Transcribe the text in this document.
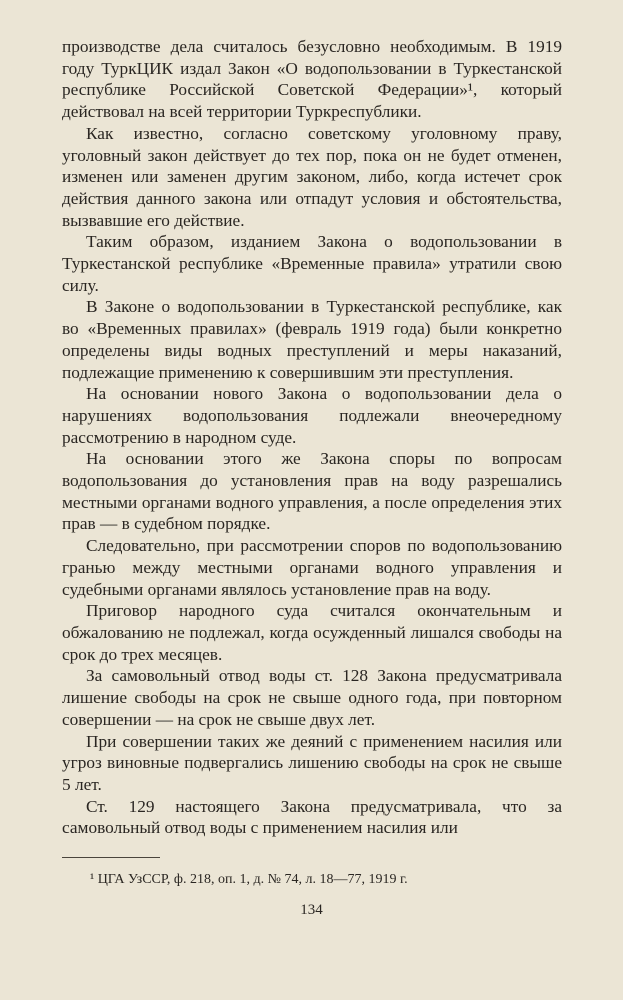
производстве дела считалось безусловно необходимым. В 1919 году ТуркЦИК издал Закон «О водопользовании в Туркестанской республике Российской Советской Федерации»¹, который действовал на всей территории Туркреспублики.

Как известно, согласно советскому уголовному праву, уголовный закон действует до тех пор, пока он не будет отменен, изменен или заменен другим законом, либо, когда истечет срок действия данного закона или отпадут условия и обстоятельства, вызвавшие его действие.

Таким образом, изданием Закона о водопользовании в Туркестанской республике «Временные правила» утратили свою силу.

В Законе о водопользовании в Туркестанской республике, как во «Временных правилах» (февраль 1919 года) были конкретно определены виды водных преступлений и меры наказаний, подлежащие применению к совершившим эти преступления.

На основании нового Закона о водопользовании дела о нарушениях водопользования подлежали внеочередному рассмотрению в народном суде.

На основании этого же Закона споры по вопросам водопользования до установления прав на воду разрешались местными органами водного управления, а после определения этих прав — в судебном порядке.

Следовательно, при рассмотрении споров по водопользованию гранью между местными органами водного управления и судебными органами являлось установление прав на воду.

Приговор народного суда считался окончательным и обжалованию не подлежал, когда осужденный лишался свободы на срок до трех месяцев.

За самовольный отвод воды ст. 128 Закона предусматривала лишение свободы на срок не свыше одного года, при повторном совершении — на срок не свыше двух лет.

При совершении таких же деяний с применением насилия или угроз виновные подвергались лишению свободы на срок не свыше 5 лет.

Ст. 129 настоящего Закона предусматривала, что за самовольный отвод воды с применением насилия или

¹ ЦГА УзССР, ф. 218, оп. 1, д. № 74, л. 18—77, 1919 г.
134
